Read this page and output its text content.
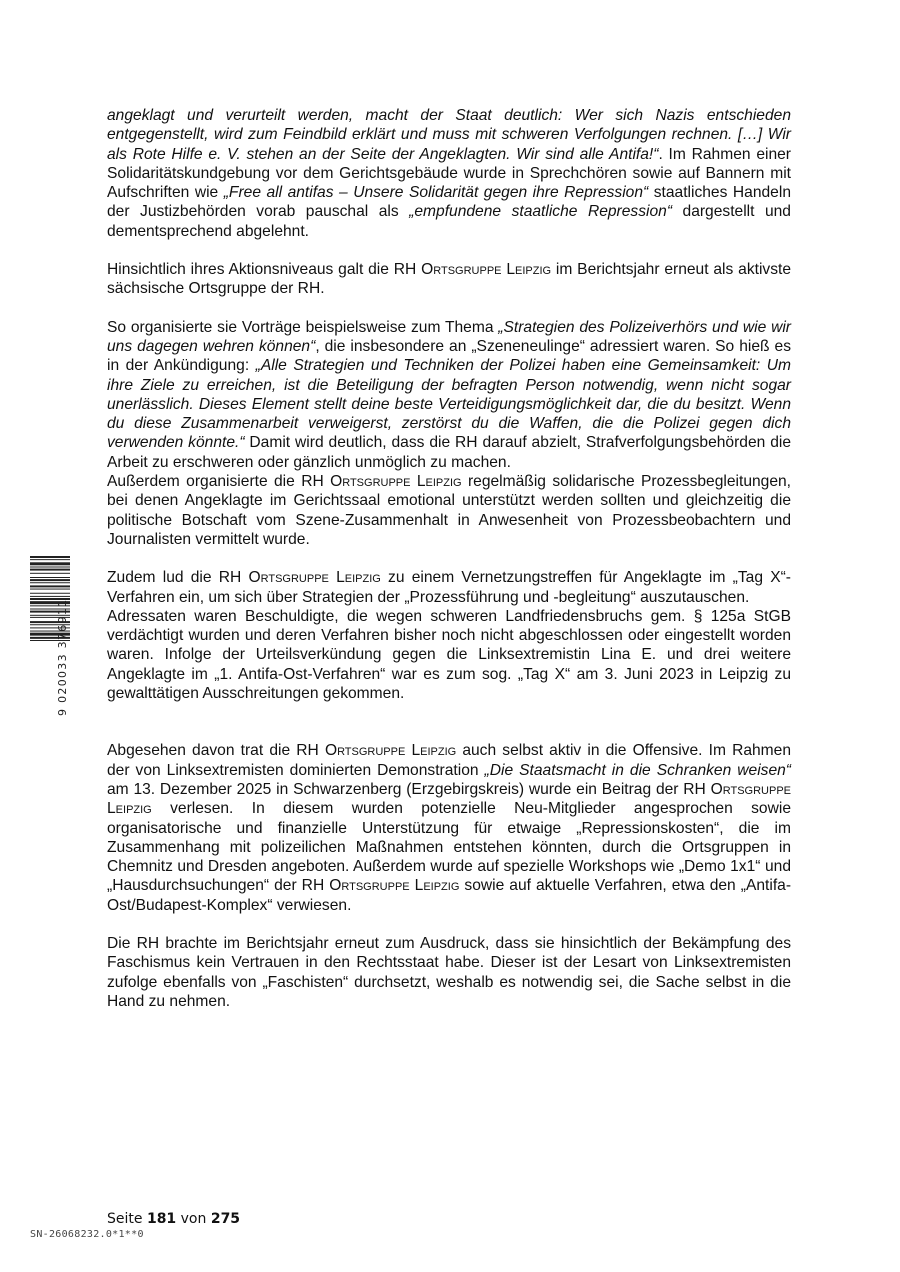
angeklagt und verurteilt werden, macht der Staat deutlich: Wer sich Nazis entschieden entgegenstellt, wird zum Feindbild erklärt und muss mit schweren Verfolgungen rechnen. […] Wir als Rote Hilfe e. V. stehen an der Seite der Angeklagten. Wir sind alle Antifa!“. Im Rahmen einer Solidaritätskundgebung vor dem Gerichtsgebäude wurde in Sprechchören sowie auf Bannern mit Aufschriften wie „Free all antifas – Unsere Solidarität gegen ihre Repression“ staatliches Handeln der Justizbehörden vorab pauschal als „empfundene staatliche Repression“ dargestellt und dementsprechend abgelehnt.

Hinsichtlich ihres Aktionsniveaus galt die RH Ortsgruppe Leipzig im Berichtsjahr erneut als aktivste sächsische Ortsgruppe der RH.

So organisierte sie Vorträge beispielsweise zum Thema „Strategien des Polizeiverhörs und wie wir uns dagegen wehren können“, die insbesondere an „Szeneneulinge“ adressiert waren. So hieß es in der Ankündigung: „Alle Strategien und Techniken der Polizei haben eine Gemeinsamkeit: Um ihre Ziele zu erreichen, ist die Beteiligung der befragten Person notwendig, wenn nicht sogar unerlässlich. Dieses Element stellt deine beste Verteidigungsmöglichkeit dar, die du besitzt. Wenn du diese Zusammenarbeit verweigerst, zerstörst du die Waffen, die die Polizei gegen dich verwenden könnte.“ Damit wird deutlich, dass die RH darauf abzielt, Strafverfolgungsbehörden die Arbeit zu erschweren oder gänzlich unmöglich zu machen.

Außerdem organisierte die RH Ortsgruppe Leipzig regelmäßig solidarische Prozessbegleitungen, bei denen Angeklagte im Gerichtssaal emotional unterstützt werden sollten und gleichzeitig die politische Botschaft vom Szene-Zusammenhalt in Anwesenheit von Prozessbeobachtern und Journalisten vermittelt wurde.

Zudem lud die RH Ortsgruppe Leipzig zu einem Vernetzungstreffen für Angeklagte im „Tag X“-Verfahren ein, um sich über Strategien der „Prozessführung und -begleitung“ auszutauschen.

Adressaten waren Beschuldigte, die wegen schweren Landfriedensbruchs gem. § 125a StGB verdächtigt wurden und deren Verfahren bisher noch nicht abgeschlossen oder eingestellt worden waren. Infolge der Urteilsverkündung gegen die Linksextremistin Lina E. und drei weitere Angeklagte im „1. Antifa-Ost-Verfahren“ war es zum sog. „Tag X“ am 3. Juni 2023 in Leipzig zu gewalttätigen Ausschreitungen gekommen.

Abgesehen davon trat die RH Ortsgruppe Leipzig auch selbst aktiv in die Offensive. Im Rahmen der von Linksextremisten dominierten Demonstration „Die Staatsmacht in die Schranken weisen“ am 13. Dezember 2025 in Schwarzenberg (Erzgebirgskreis) wurde ein Beitrag der RH Ortsgruppe Leipzig verlesen. In diesem wurden potenzielle Neu-Mitglieder angesprochen sowie organisatorische und finanzielle Unterstützung für etwaige „Repressionskosten“, die im Zusammenhang mit polizeilichen Maßnahmen entstehen könnten, durch die Ortsgruppen in Chemnitz und Dresden angeboten. Außerdem wurde auf spezielle Workshops wie „Demo 1x1“ und „Hausdurchsuchungen“ der RH Ortsgruppe Leipzig sowie auf aktuelle Verfahren, etwa den „Antifa-Ost/Budapest-Komplex“ verwiesen.

Die RH brachte im Berichtsjahr erneut zum Ausdruck, dass sie hinsichtlich der Bekämpfung des Faschismus kein Vertrauen in den Rechtsstaat habe. Dieser ist der Lesart von Linksextremisten zufolge ebenfalls von „Faschisten“ durchsetzt, weshalb es notwendig sei, die Sache selbst in die Hand zu nehmen.

9 020033 376911
Seite 181 von 275
SN-26068232.0*1**0
